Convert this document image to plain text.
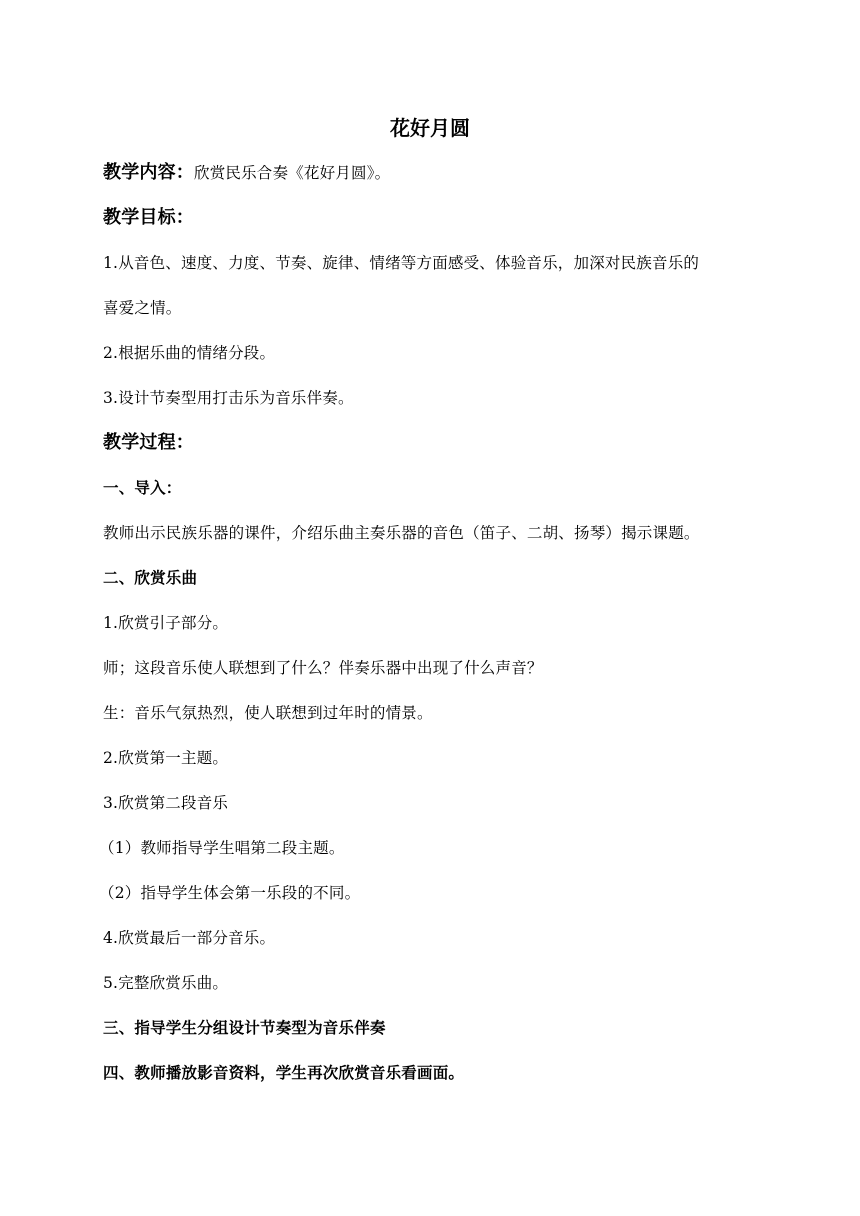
花好月圆
教学内容：欣赏民乐合奏《花好月圆》。
教学目标：
1.从音色、速度、力度、节奏、旋律、情绪等方面感受、体验音乐，加深对民族音乐的
喜爱之情。
2.根据乐曲的情绪分段。
3.设计节奏型用打击乐为音乐伴奏。
教学过程：
一、导入：
教师出示民族乐器的课件，介绍乐曲主奏乐器的音色（笛子、二胡、扬琴）揭示课题。
二、欣赏乐曲
1.欣赏引子部分。
师；这段音乐使人联想到了什么？伴奏乐器中出现了什么声音？
生：音乐气氛热烈，使人联想到过年时的情景。
2.欣赏第一主题。
3.欣赏第二段音乐
（1）教师指导学生唱第二段主题。
（2）指导学生体会第一乐段的不同。
4.欣赏最后一部分音乐。
5.完整欣赏乐曲。
三、指导学生分组设计节奏型为音乐伴奏
四、教师播放影音资料，学生再次欣赏音乐看画面。
